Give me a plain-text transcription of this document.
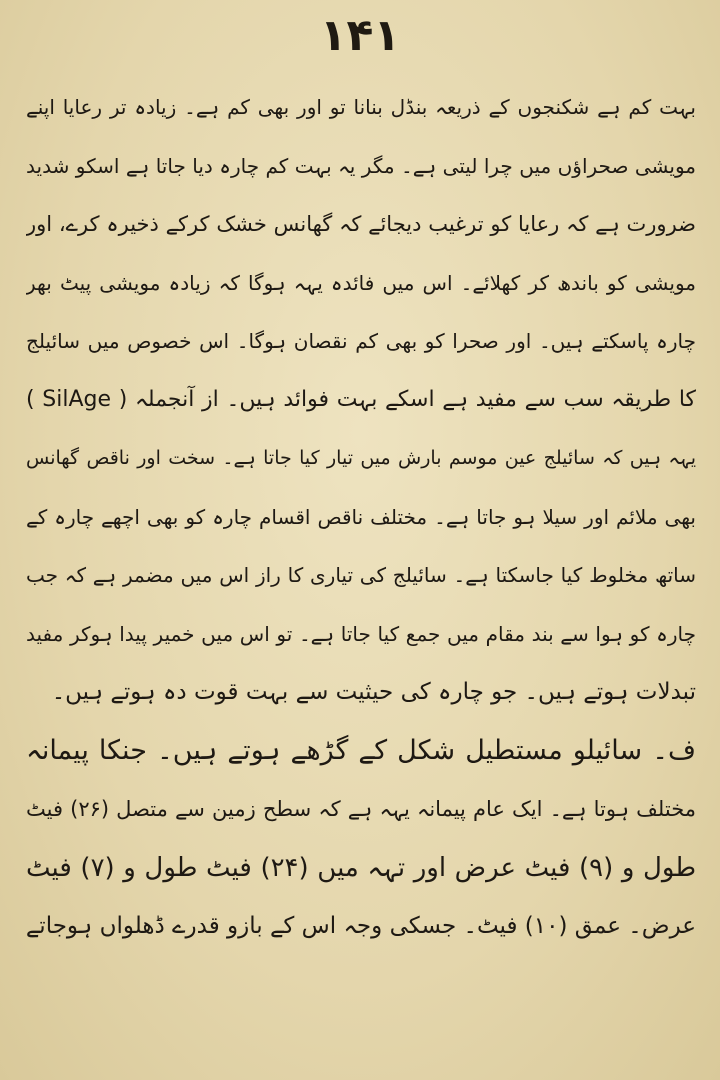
۱۴۱
بہت کم ہے شکنجوں کے ذریعہ بنڈل بنانا تو اور بھی کم ہے۔ زیادہ تر رعایا اپنے
مویشی صحراؤں میں چرا لیتی ہے۔ مگر یہ بہت کم چارہ دیا جاتا ہے اسکو شدید
ضرورت ہے کہ رعایا کو ترغیب دیجائے کہ گھانس خشک کرکے ذخیرہ کرے، اور
مویشی کو باندھ کر کھلائے۔ اس میں فائدہ یہہ ہوگا کہ زیادہ مویشی پیٹ بھر
چارہ پاسکتے ہیں۔ اور صحرا کو بھی کم نقصان ہوگا۔ اس خصوص میں سائیلج
( SilAge ) کا طریقہ سب سے مفید ہے اسکے بہت فوائد ہیں۔ از آنجملہ
یہہ ہیں کہ سائیلج عین موسم بارش میں تیار کیا جاتا ہے۔ سخت اور ناقص گھانس
بھی ملائم اور سیلا ہو جاتا ہے۔ مختلف ناقص اقسام چارہ کو بھی اچھے چارہ کے
ساتھ مخلوط کیا جاسکتا ہے۔ سائیلج کی تیاری کا راز اس میں مضمر ہے کہ جب
چارہ کو ہوا سے بند مقام میں جمع کیا جاتا ہے۔ تو اس میں خمیر پیدا ہوکر مفید
تبدلات ہوتے ہیں۔ جو چارہ کی حیثیت سے بہت قوت دہ ہوتے ہیں۔
ف۔ سائیلو مستطیل شکل کے گڑھے ہوتے ہیں۔ جنکا پیمانہ
مختلف ہوتا ہے۔ ایک عام پیمانہ یہہ ہے کہ سطح زمین سے متصل (۲۶) فیٹ
طول و (۹) فیٹ عرض اور تہہ میں (۲۴) فیٹ طول و (۷) فیٹ
عرض۔ عمق (۱۰) فیٹ۔ جسکی وجہ اس کے بازو قدرے ڈھلواں ہوجاتے
